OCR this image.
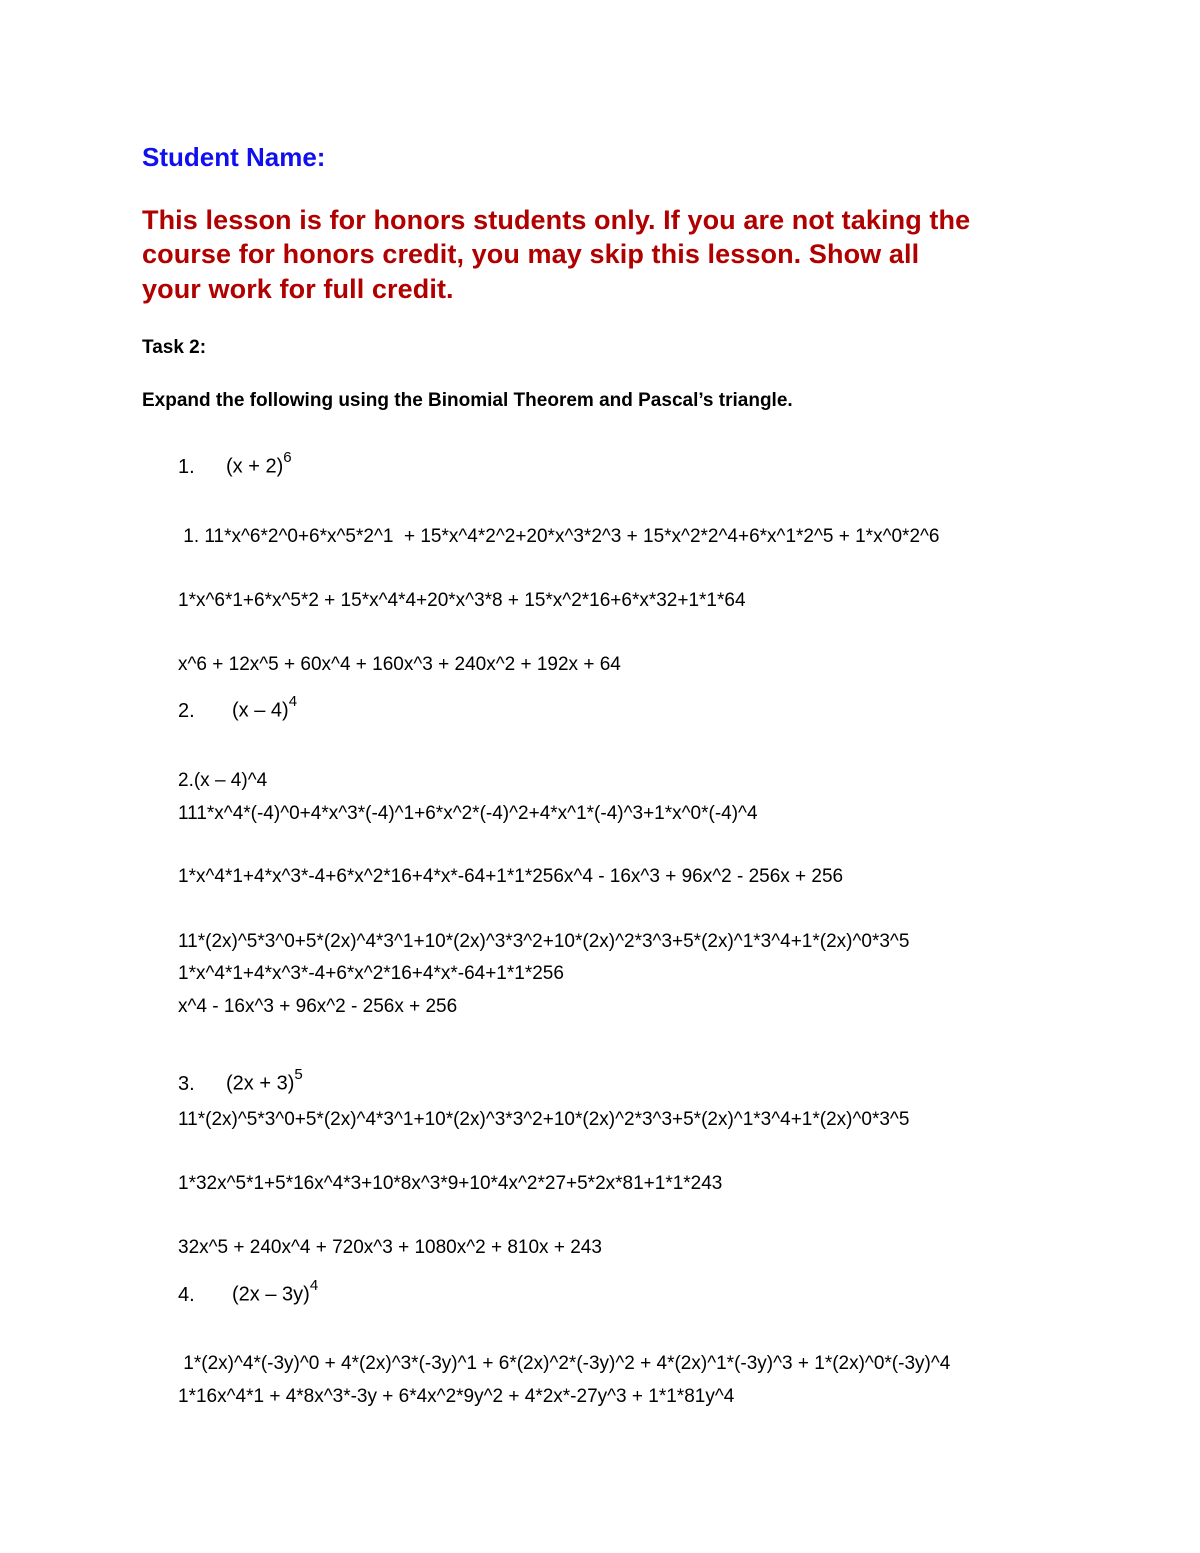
Student Name:
This lesson is for honors students only. If you are not taking the
course for honors credit, you may skip this lesson. Show all
your work for full credit.
Task 2:
Expand the following using the Binomial Theorem and Pascal’s triangle.
1. $(x + 2)^6$
1. 11*x^6*2^0+6*x^5*2^1  + 15*x^4*2^2+20*x^3*2^3 + 15*x^2*2^4+6*x^1*2^5 + 1*x^0*2^6
1*x^6*1+6*x^5*2 + 15*x^4*4+20*x^3*8 + 15*x^2*16+6*x*32+1*1*64
x^6 + 12x^5 + 60x^4 + 160x^3 + 240x^2 + 192x + 64
2. (x – 4)$^4$
2.(x – 4)^4
111*x^4*(-4)^0+4*x^3*(-4)^1+6*x^2*(-4)^2+4*x^1*(-4)^3+1*x^0*(-4)^4
1*x^4*1+4*x^3*-4+6*x^2*16+4*x*-64+1*1*256x^4 - 16x^3 + 96x^2 - 256x + 256
11*(2x)^5*3^0+5*(2x)^4*3^1+10*(2x)^3*3^2+10*(2x)^2*3^3+5*(2x)^1*3^4+1*(2x)^0*3^5
1*x^4*1+4*x^3*-4+6*x^2*16+4*x*-64+1*1*256
x^4 - 16x^3 + 96x^2 - 256x + 256
3. $(2x + 3)^5$
11*(2x)^5*3^0+5*(2x)^4*3^1+10*(2x)^3*3^2+10*(2x)^2*3^3+5*(2x)^1*3^4+1*(2x)^0*3^5
1*32x^5*1+5*16x^4*3+10*8x^3*9+10*4x^2*27+5*2x*81+1*1*243
32x^5 + 240x^4 + 720x^3 + 1080x^2 + 810x + 243
4. (2x – 3y)$^4$
1*(2x)^4*(-3y)^0 + 4*(2x)^3*(-3y)^1 + 6*(2x)^2*(-3y)^2 + 4*(2x)^1*(-3y)^3 + 1*(2x)^0*(-3y)^4
1*16x^4*1 + 4*8x^3*-3y + 6*4x^2*9y^2 + 4*2x*-27y^3 + 1*1*81y^4
